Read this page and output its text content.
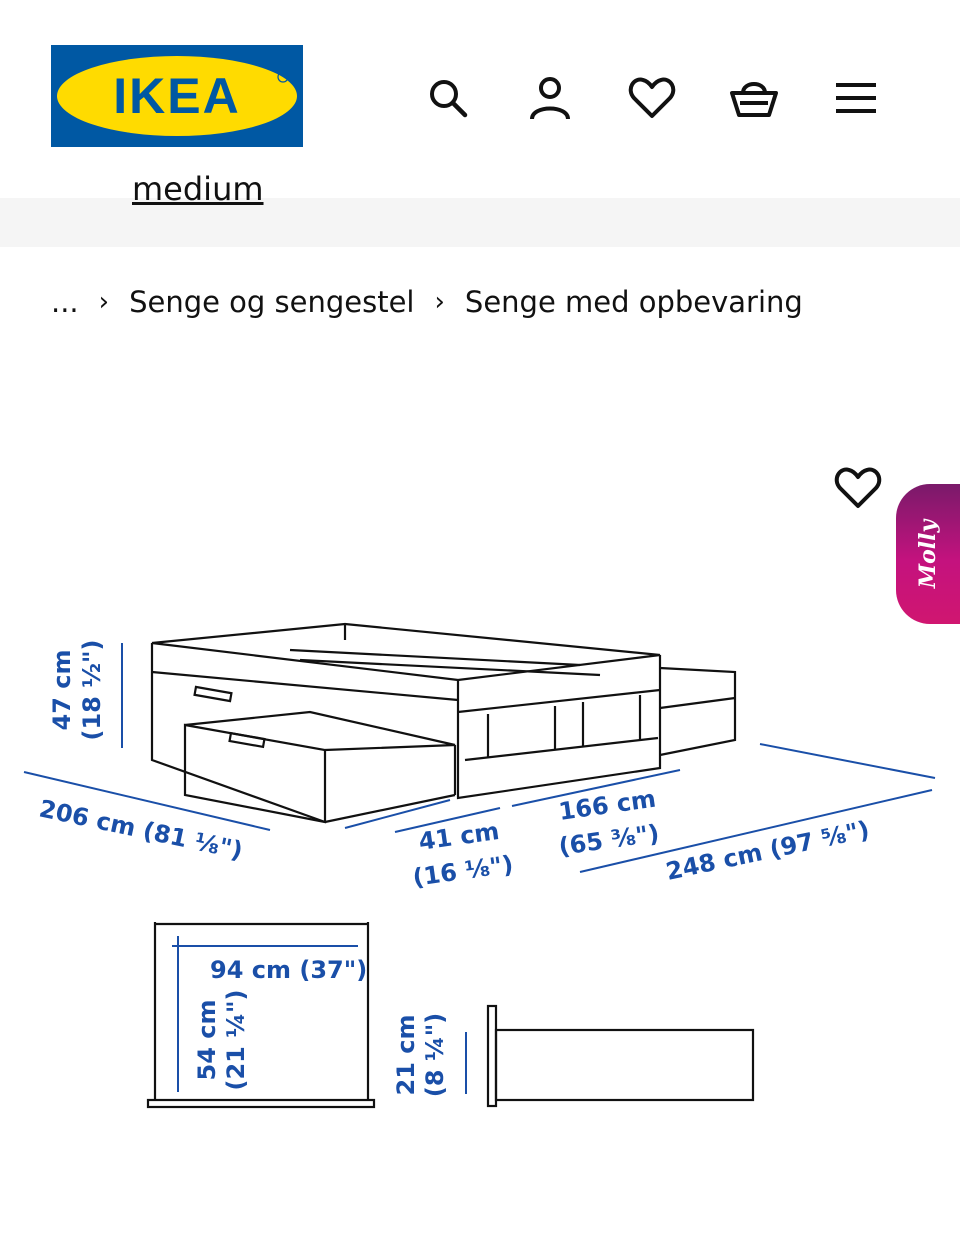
IKEA
medium
... › Senge og sengestel › Senge med opbevaring
Molly
47 cm (18 ½")
206 cm (81 ⅛")	41 cm
(16 ⅛")
166 cm
(65 ⅜") 248 cm (97 ⅝")
94 cm (37")
54 cm (21 ¼")	21 cm (8 ¼")
